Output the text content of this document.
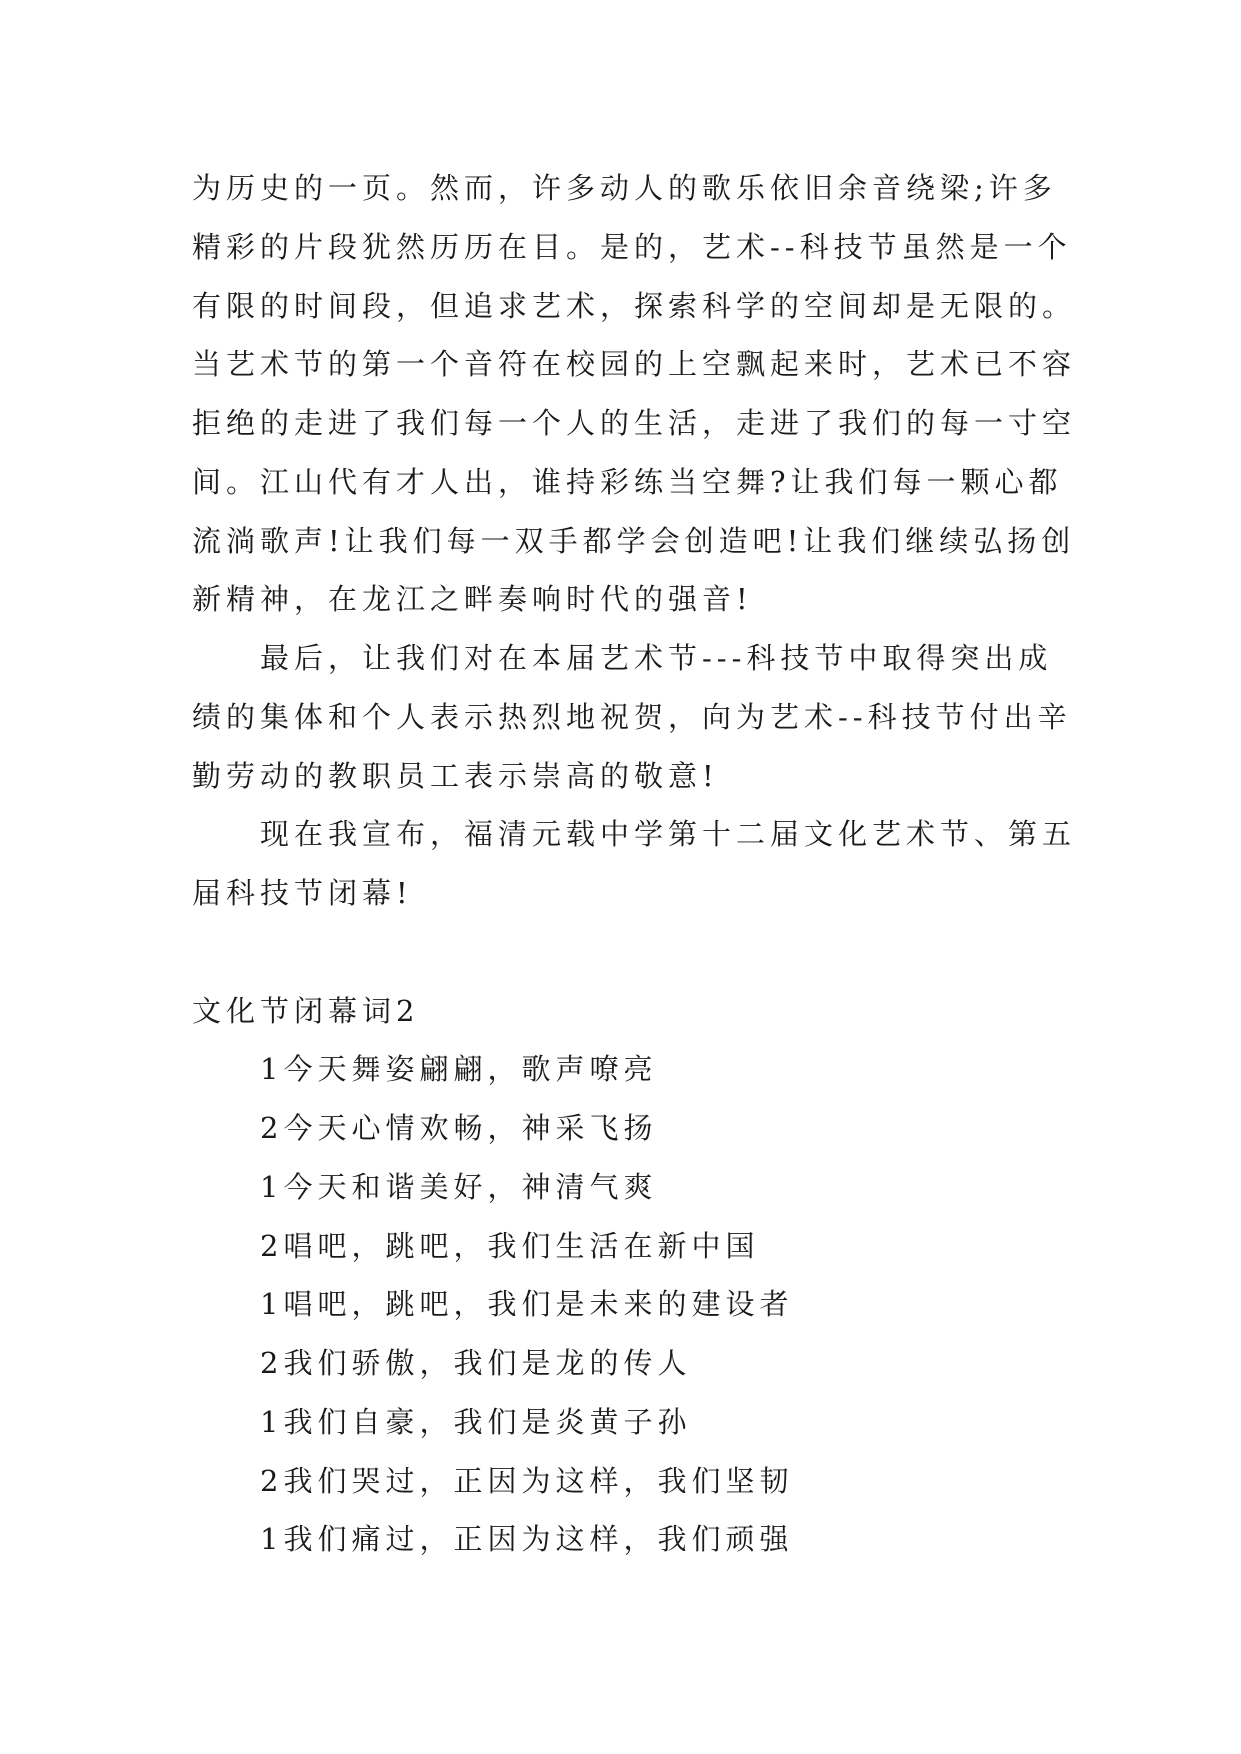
为历史的一页。然而，许多动人的歌乐依旧余音绕梁;许多
精彩的片段犹然历历在目。是的，艺术--科技节虽然是一个
有限的时间段，但追求艺术，探索科学的空间却是无限的。
当艺术节的第一个音符在校园的上空飘起来时，艺术已不容
拒绝的走进了我们每一个人的生活，走进了我们的每一寸空
间。江山代有才人出，谁持彩练当空舞?让我们每一颗心都
流淌歌声!让我们每一双手都学会创造吧!让我们继续弘扬创
新精神，在龙江之畔奏响时代的强音!
最后，让我们对在本届艺术节---科技节中取得突出成
绩的集体和个人表示热烈地祝贺，向为艺术--科技节付出辛
勤劳动的教职员工表示崇高的敬意!
现在我宣布，福清元载中学第十二届文化艺术节、第五
届科技节闭幕!
文化节闭幕词2
1今天舞姿翩翩，歌声嘹亮
2今天心情欢畅，神采飞扬
1今天和谐美好，神清气爽
2唱吧，跳吧，我们生活在新中国
1唱吧，跳吧，我们是未来的建设者
2我们骄傲，我们是龙的传人
1我们自豪，我们是炎黄子孙
2我们哭过，正因为这样，我们坚韧
1我们痛过，正因为这样，我们顽强
